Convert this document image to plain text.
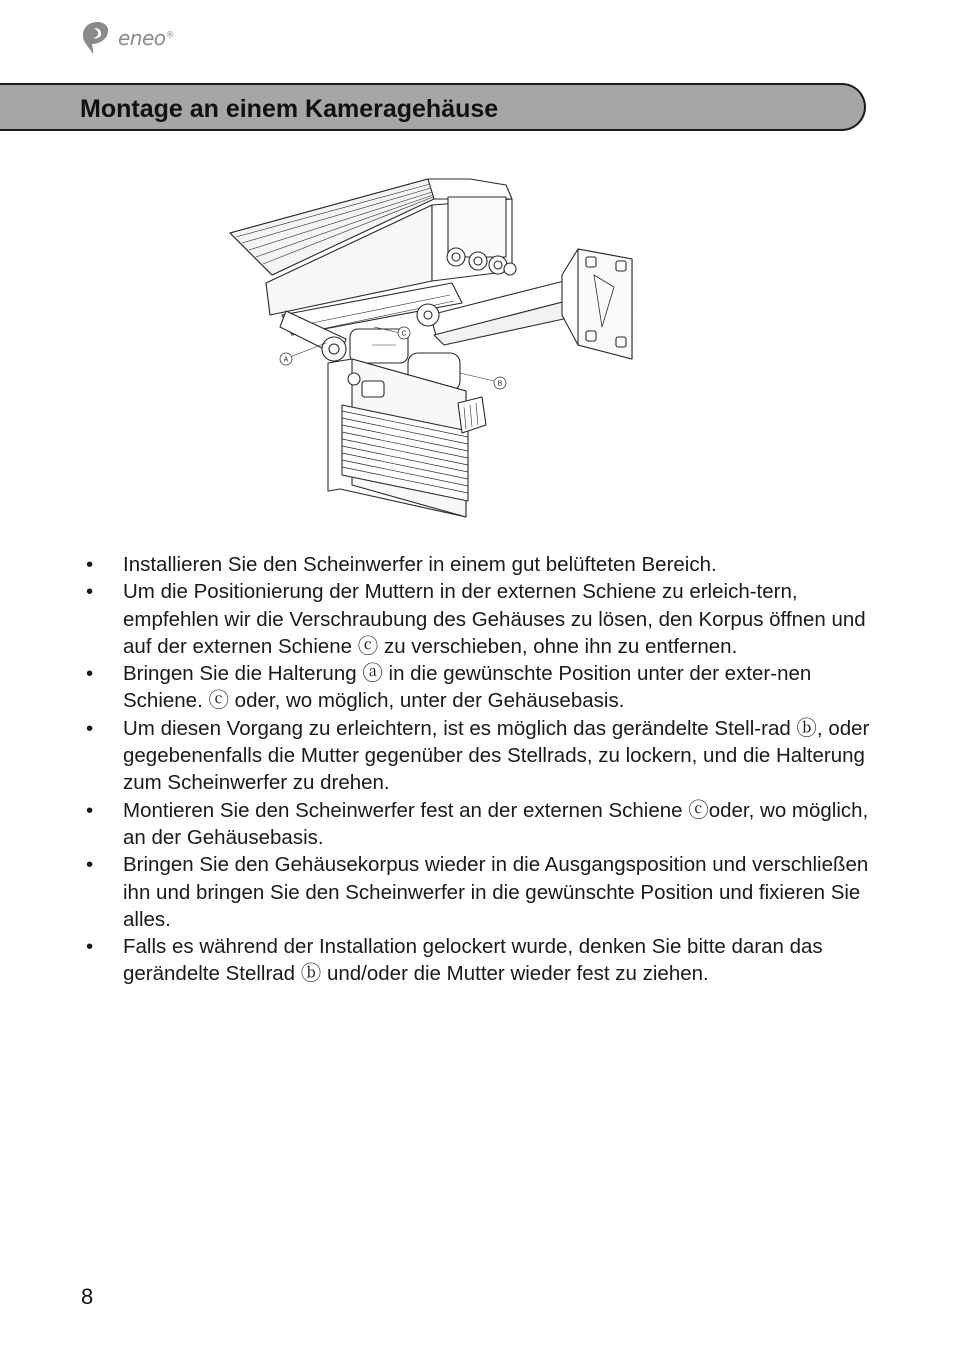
eneo®
Montage an einem Kameragehäuse
A
B
C
• Installieren Sie den Scheinwerfer in einem gut belüfteten Bereich.
• Um die Positionierung der Muttern in der externen Schiene zu erleich-tern, empfehlen wir die Verschraubung des Gehäuses zu lösen, den Korpus öffnen und auf der externen Schiene ⓒ zu verschieben, ohne ihn zu entfernen.
• Bringen Sie die Halterung ⓐ in die gewünschte Position unter der exter-nen Schiene. ⓒ oder, wo möglich, unter der Gehäusebasis.
• Um diesen Vorgang zu erleichtern, ist es möglich das gerändelte Stell-rad ⓑ, oder gegebenenfalls die Mutter gegenüber des Stellrads, zu lockern, und die Halterung zum Scheinwerfer zu drehen.
• Montieren Sie den Scheinwerfer fest an der externen Schiene ⓒoder, wo möglich, an der Gehäusebasis.
• Bringen Sie den Gehäusekorpus wieder in die Ausgangsposition und verschließen ihn und bringen Sie den Scheinwerfer in die gewünschte Position und fixieren Sie alles.
• Falls es während der Installation gelockert wurde, denken Sie bitte daran das gerändelte Stellrad ⓑ und/oder die Mutter wieder fest zu ziehen.
8
